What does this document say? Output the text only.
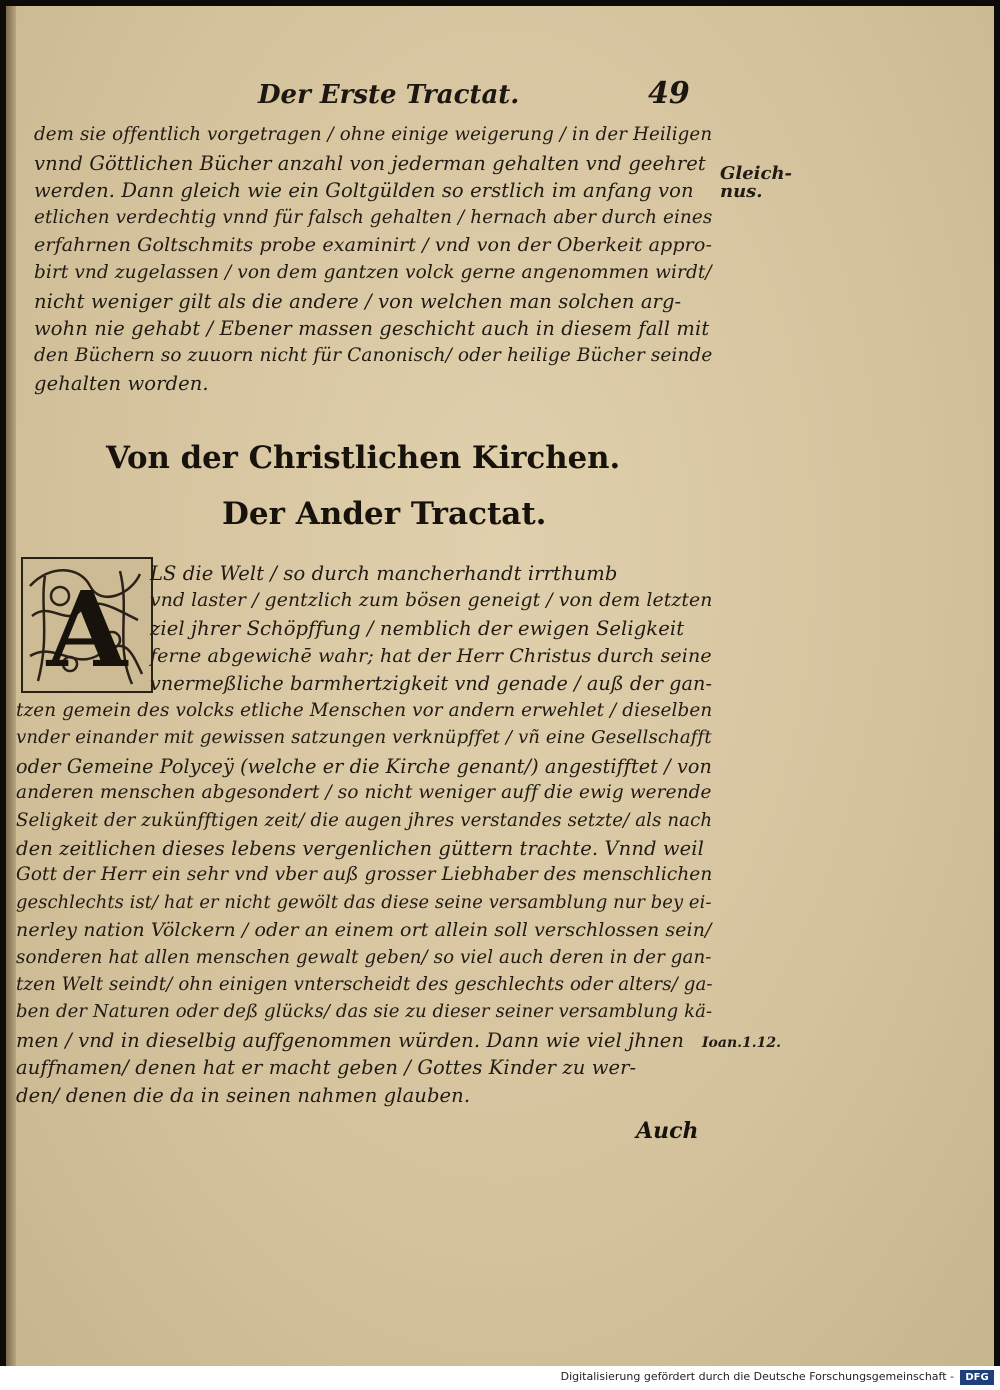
Der Erste Tractat.	49
dem sie offentlich vorgetragen / ohne einige weigerung / in der Heiligen
vnnd Göttlichen Bücher anzahl von jederman gehalten vnd geehret
werden. Dann gleich wie ein Goltgülden so erstlich im anfang von
etlichen verdechtig vnnd für falsch gehalten / hernach aber durch eines
erfahrnen Goltschmits probe examinirt / vnd von der Oberkeit appro-
birt vnd zugelassen / von dem gantzen volck gerne angenommen wirdt/
nicht weniger gilt als die andere / von welchen man solchen arg-
wohn nie gehabt / Ebener massen geschicht auch in diesem fall mit
den Büchern so zuuorn nicht für Canonisch/ oder heilige Bücher seinde
gehalten worden.
Gleich-
nus.
Von der Christlichen Kirchen.
Der Ander Tractat.
A LS die Welt / so durch mancherhandt irrthumb
vnd laster / gentzlich zum bösen geneigt / von dem letzten
ziel jhrer Schöpffung / nemblich der ewigen Seligkeit
ferne abgewichē wahr; hat der Herr Christus durch seine
vnermeßliche barmhertzigkeit vnd genade / auß der gan-
tzen gemein des volcks etliche Menschen vor andern erwehlet / dieselben
vnder einander mit gewissen satzungen verknüpffet / vñ eine Gesellschafft
oder Gemeine Polyceÿ (welche er die Kirche genant/) angestifftet / von
anderen menschen abgesondert / so nicht weniger auff die ewig werende
Seligkeit der zukünfftigen zeit/ die augen jhres verstandes setzte/ als nach
den zeitlichen dieses lebens vergenlichen güttern trachte. Vnnd weil
Gott der Herr ein sehr vnd vber auß grosser Liebhaber des menschlichen
geschlechts ist/ hat er nicht gewölt das diese seine versamblung nur bey ei-
nerley nation Völckern / oder an einem ort allein soll verschlossen sein/
sonderen hat allen menschen gewalt geben/ so viel auch deren in der gan-
tzen Welt seindt/ ohn einigen vnterscheidt des geschlechts oder alters/ ga-
ben der Naturen oder deß glücks/ das sie zu dieser seiner versamblung kä-
men / vnd in dieselbig auffgenommen würden. Dann wie viel jhnen
auffnamen/ denen hat er macht geben / Gottes Kinder zu wer-
den/ denen die da in seinen nahmen glauben.
Ioan.1.12.
Auch
Digitalisierung gefördert durch die Deutsche Forschungsgemeinschaft -	DFG
